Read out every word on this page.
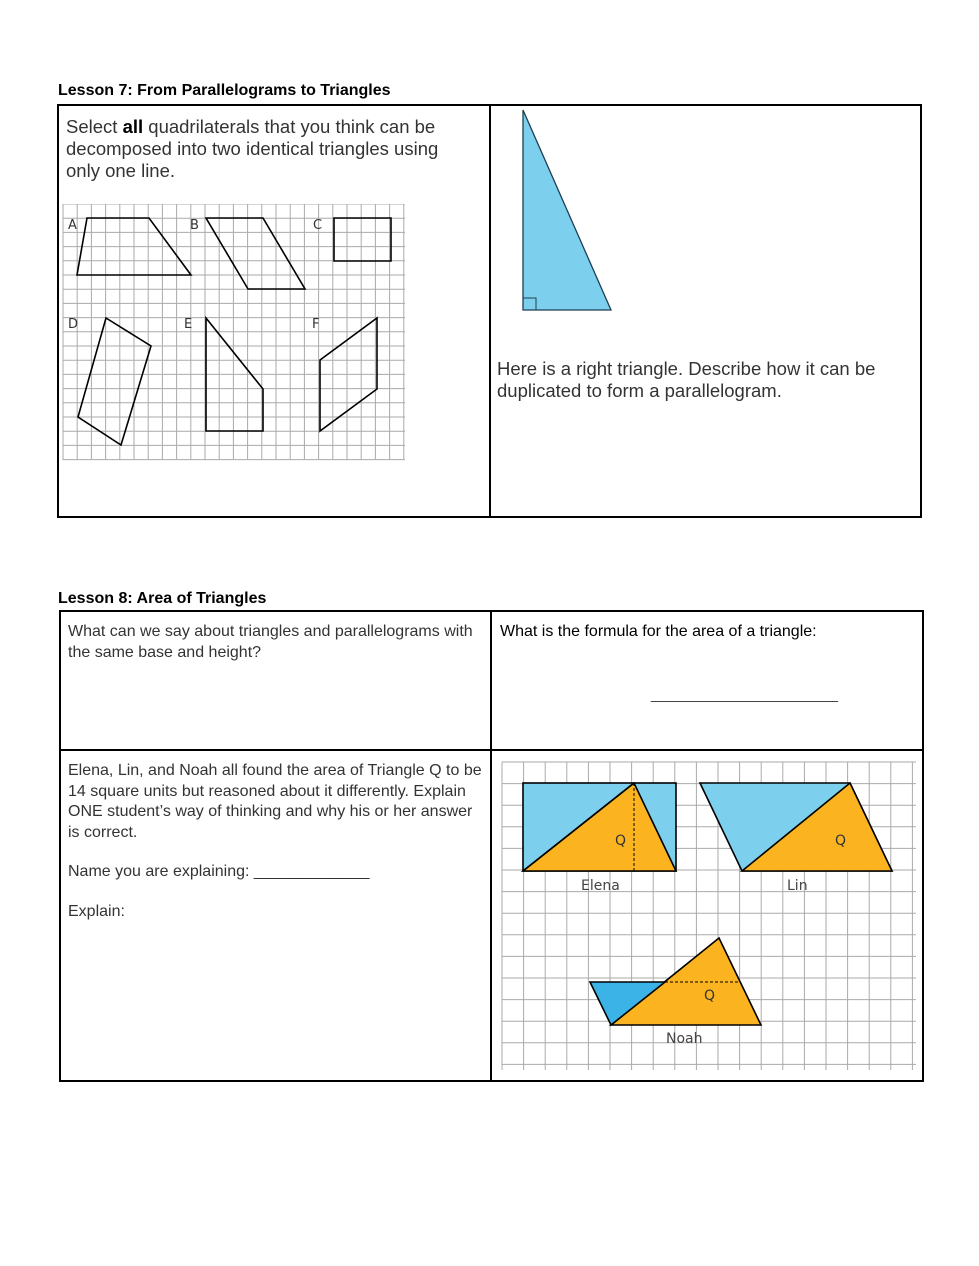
Lesson 7: From Parallelograms to Triangles
Select all quadrilaterals that you think can be decomposed into two identical triangles using only one line.
A	B	C
D	E	F
Here is a right triangle. Describe how it can be duplicated to form a parallelogram.
Lesson 8: Area of Triangles
What can we say about triangles and parallelograms with the same base and height?
What is the formula for the area of a triangle:
_____________________
Elena, Lin, and Noah all found the area of Triangle Q to be 14 square units but reasoned about it differently. Explain ONE student’s way of thinking and why his or her answer is correct.
Name you are explaining: _____________
Explain:
Q
Elena
Q
Lin
Q
Noah
